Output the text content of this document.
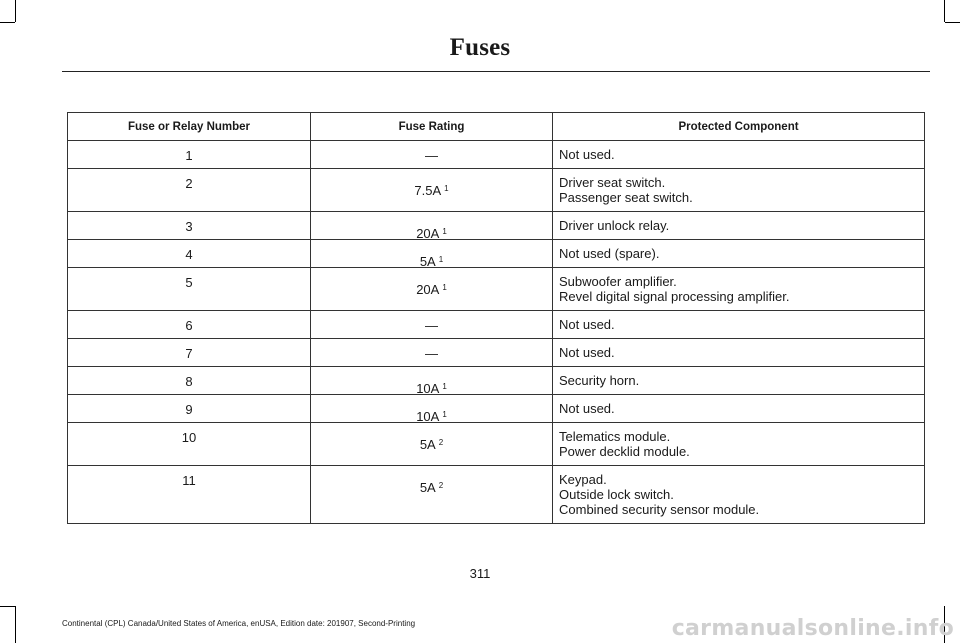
Fuses
Fuse or Relay Number	Fuse Rating	Protected Component
1	—	Not used.

2	7.5A $^1$	Driver seat switch.
Passenger seat switch.

3	20A $^1$	Driver unlock relay.

4	5A $^1$	Not used (spare).

5	20A $^1$	Subwoofer amplifier.
Revel digital signal processing amplifier.

6	—	Not used.

7	—	Not used.

8	10A $^1$	Security horn.

9	10A $^1$	Not used.

10	5A $^2$	Telematics module.
Power decklid module.

11	5A $^2$	Keypad.
Outside lock switch.
Combined security sensor module.
311
Continental (CPL) Canada/United States of America, enUSA, Edition date: 201907, Second-Printing	carmanualsonline.info
